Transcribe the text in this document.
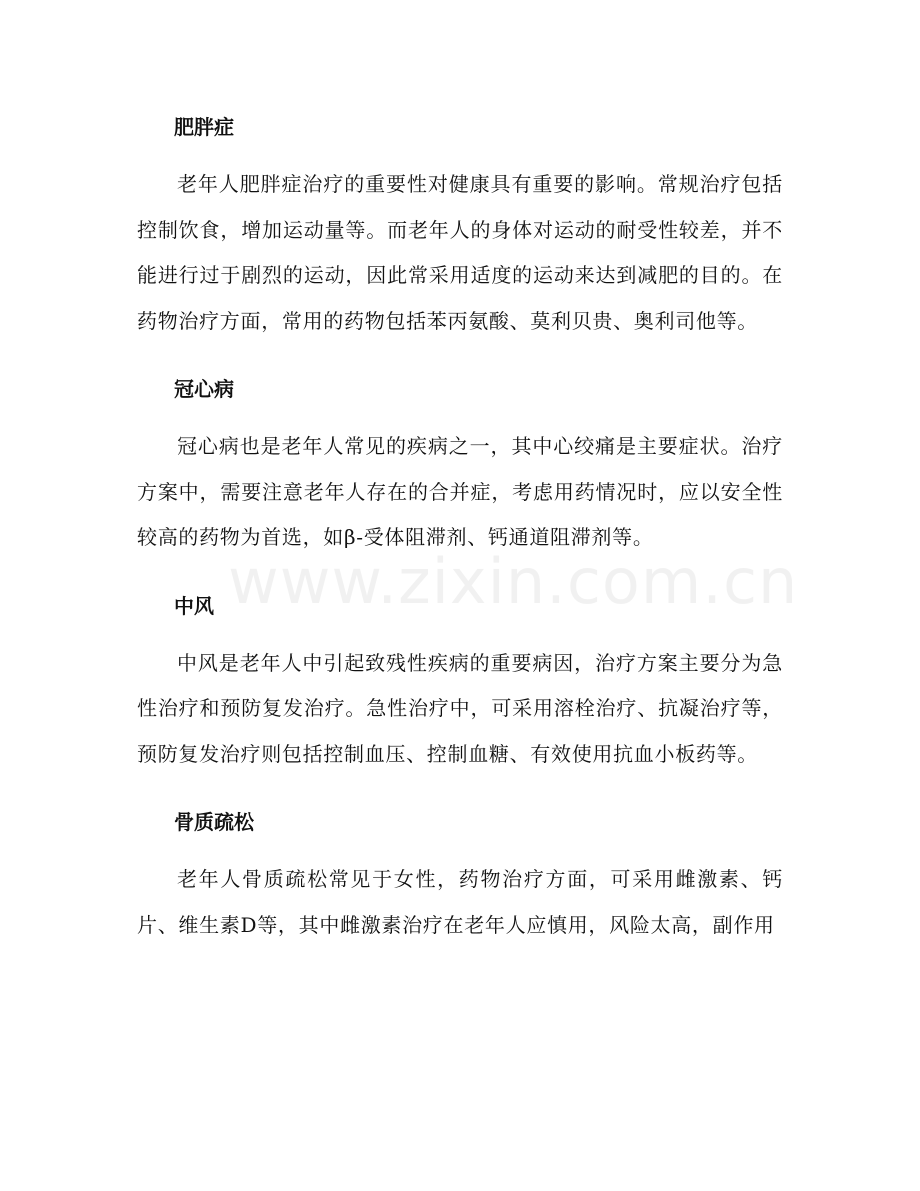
肥胖症

老年人肥胖症治疗的重要性对健康具有重要的影响。常规治疗包括控制饮食，增加运动量等。而老年人的身体对运动的耐受性较差，并不能进行过于剧烈的运动，因此常采用适度的运动来达到减肥的目的。在药物治疗方面，常用的药物包括苯丙氨酸、莫利贝贵、奥利司他等。

冠心病

冠心病也是老年人常见的疾病之一，其中心绞痛是主要症状。治疗方案中，需要注意老年人存在的合并症，考虑用药情况时，应以安全性较高的药物为首选，如β-受体阻滞剂、钙通道阻滞剂等。

中风

中风是老年人中引起致残性疾病的重要病因，治疗方案主要分为急性治疗和预防复发治疗。急性治疗中，可采用溶栓治疗、抗凝治疗等，预防复发治疗则包括控制血压、控制血糖、有效使用抗血小板药等。

骨质疏松

老年人骨质疏松常见于女性，药物治疗方面，可采用雌激素、钙片、维生素D等，其中雌激素治疗在老年人应慎用，风险太高，副作用

www.zixin.com.cn
